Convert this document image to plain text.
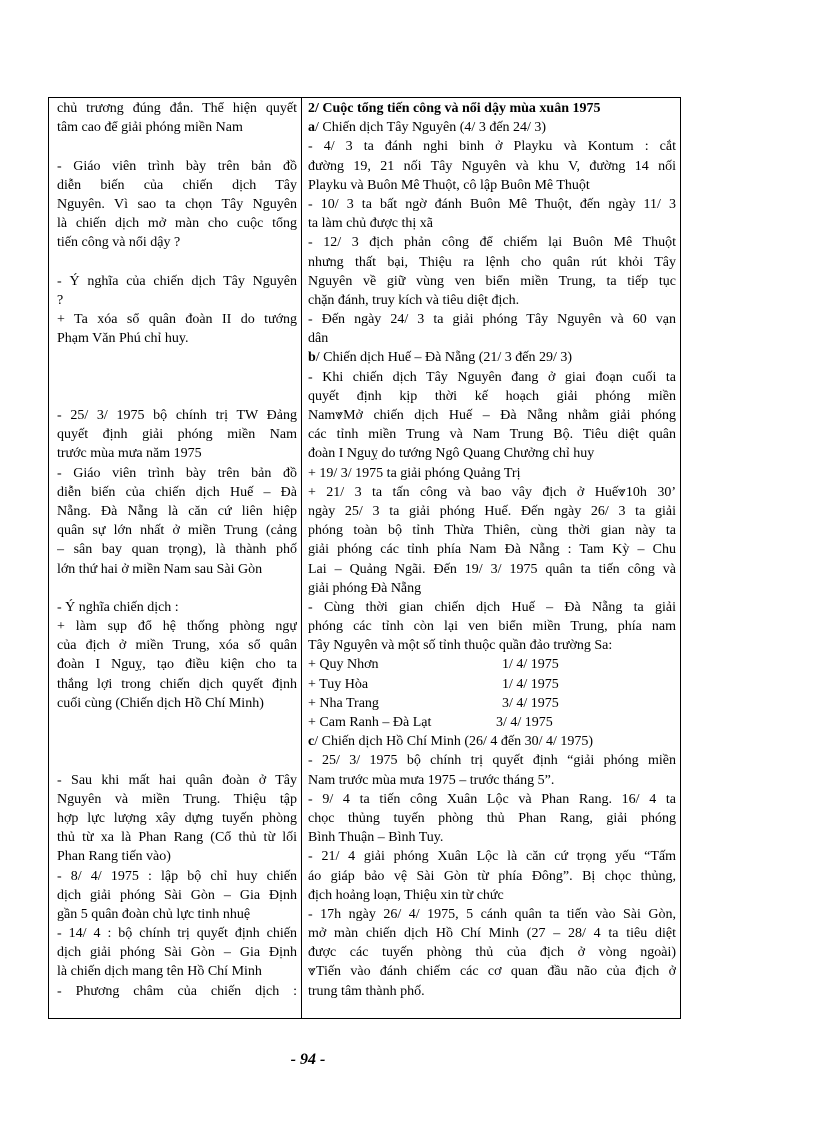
chủ trương đúng đắn. Thể hiện quyết
tâm cao để giải phóng miền Nam
- Giáo viên trình bày trên bản đồ
diễn biến của chiến dịch Tây
Nguyên. Vì sao ta chọn Tây Nguyên
là chiến dịch mở màn cho cuộc tổng
tiến công và nổi dậy ?
- Ý nghĩa của chiến dịch Tây Nguyên
?
+ Ta xóa sổ quân đoàn II do tướng
Phạm Văn Phú chỉ huy.
- 25/ 3/ 1975 bộ chính trị TW Đảng
quyết định giải phóng miền Nam
trước mùa mưa năm 1975
- Giáo viên trình bày trên bản đồ
diễn biến của chiến dịch Huế – Đà
Nẵng. Đà Nẵng là căn cứ liên hiệp
quân sự lớn nhất ở miền Trung (cảng
– sân bay quan trọng), là thành phố
lớn thứ hai ở miền Nam sau Sài Gòn
- Ý nghĩa chiến dịch :
+ làm sụp đổ hệ thống phòng ngự
của địch ở miền Trung, xóa sổ quân
đoàn I Nguỵ, tạo điều kiện cho ta
thắng lợi trong chiến dịch quyết định
cuối cùng (Chiến dịch Hồ Chí Minh)
- Sau khi mất hai quân đoàn ở Tây
Nguyên và miền Trung. Thiệu tập
hợp lực lượng xây dựng tuyến phòng
thủ từ xa là Phan Rang (Cổ thủ từ lối
Phan Rang tiến vào)
- 8/ 4/ 1975 : lập bộ chỉ huy chiến
dịch giải phóng Sài Gòn – Gia Định
gần 5 quân đoàn chủ lực tinh nhuệ
- 14/ 4 : bộ chính trị quyết định chiến
dịch giải phóng Sài Gòn – Gia Định
là chiến dịch mang tên Hồ Chí Minh
- Phương châm của chiến dịch :
2/ Cuộc tổng tiến công và nổi dậy mùa xuân 1975
a/ Chiến dịch Tây Nguyên (4/ 3 đến 24/ 3)
- 4/ 3 ta đánh nghi binh ở Playku và Kontum : cắt
đường 19, 21 nối Tây Nguyên và khu V, đường 14 nối
Playku và Buôn Mê Thuột, cô lập Buôn Mê Thuột
- 10/ 3 ta bất ngờ đánh Buôn Mê Thuột, đến ngày 11/ 3
ta làm chủ được thị xã
- 12/ 3 địch phản công để chiếm lại Buôn Mê Thuột
nhưng thất bại, Thiệu ra lệnh cho quân rút khỏi Tây
Nguyên về giữ vùng ven biển miền Trung, ta tiếp tục
chặn đánh, truy kích và tiêu diệt địch.
- Đến ngày 24/ 3 ta giải phóng Tây Nguyên và 60 vạn
dân
b/ Chiến dịch Huế – Đà Nẵng (21/ 3 đến 29/ 3)
- Khi chiến dịch Tây Nguyên đang ở giai đoạn cuối ta
quyết định kịp thời kế hoạch giải phóng miền
Nam⩔Mở chiến dịch Huế – Đà Nẵng nhằm giải phóng
các tỉnh miền Trung và Nam Trung Bộ. Tiêu diệt quân
đoàn I Nguỵ do tướng Ngô Quang Chưởng chỉ huy
+ 19/ 3/ 1975 ta giải phóng Quảng Trị
+ 21/ 3 ta tấn công và bao vây địch ở Huế⩔10h 30’
ngày 25/ 3 ta giải phóng Huế. Đến ngày 26/ 3 ta giải
phóng toàn bộ tỉnh Thừa Thiên, cùng thời gian này ta
giải phóng các tỉnh phía Nam Đà Nẵng : Tam Kỳ – Chu
Lai – Quảng Ngãi. Đến 19/ 3/ 1975 quân ta tiến công và
giải phóng Đà Nẵng
- Cùng thời gian chiến dịch Huế – Đà Nẵng ta giải
phóng các tỉnh còn lại ven biển miền Trung, phía nam
Tây Nguyên và một số tỉnh thuộc quần đảo trường Sa:
+ Quy Nhơn	1/ 4/ 1975
+ Tuy Hòa	1/ 4/ 1975
+ Nha Trang	3/ 4/ 1975
+ Cam Ranh – Đà Lạt	3/ 4/ 1975
c/ Chiến dịch Hồ Chí Minh (26/ 4 đến 30/ 4/ 1975)
- 25/ 3/ 1975 bộ chính trị quyết định “giải phóng miền
Nam trước mùa mưa 1975 – trước tháng 5”.
- 9/ 4 ta tiến công Xuân Lộc và Phan Rang. 16/ 4 ta
chọc thủng tuyến phòng thủ Phan Rang, giải phóng
Bình Thuận – Bình Tuy.
- 21/ 4 giải phóng Xuân Lộc là căn cứ trọng yếu “Tấm
áo giáp bảo vệ Sài Gòn từ phía Đông”. Bị chọc thủng,
địch hoảng loạn, Thiệu xin từ chức
- 17h ngày 26/ 4/ 1975, 5 cánh quân ta tiến vào Sài Gòn,
mở màn chiến dịch Hồ Chí Minh (27 – 28/ 4 ta tiêu diệt
được các tuyến phòng thủ của địch ở vòng ngoài)
⩔Tiến vào đánh chiếm các cơ quan đầu não của địch ở
trung tâm thành phố.
- 94 -
